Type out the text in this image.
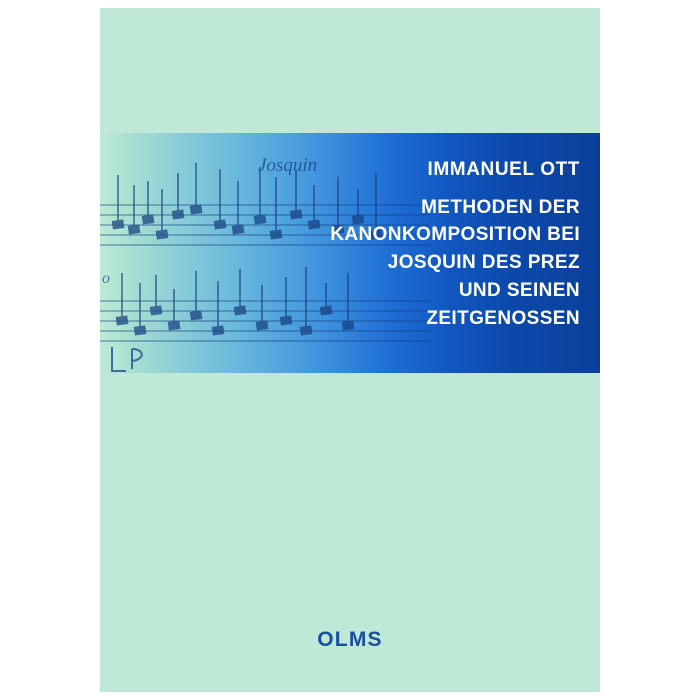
Josquin
o
IMMANUEL OTT
METHODEN DER
KANONKOMPOSITION BEI
JOSQUIN DES PREZ
UND SEINEN
ZEITGENOSSEN
OLMS
